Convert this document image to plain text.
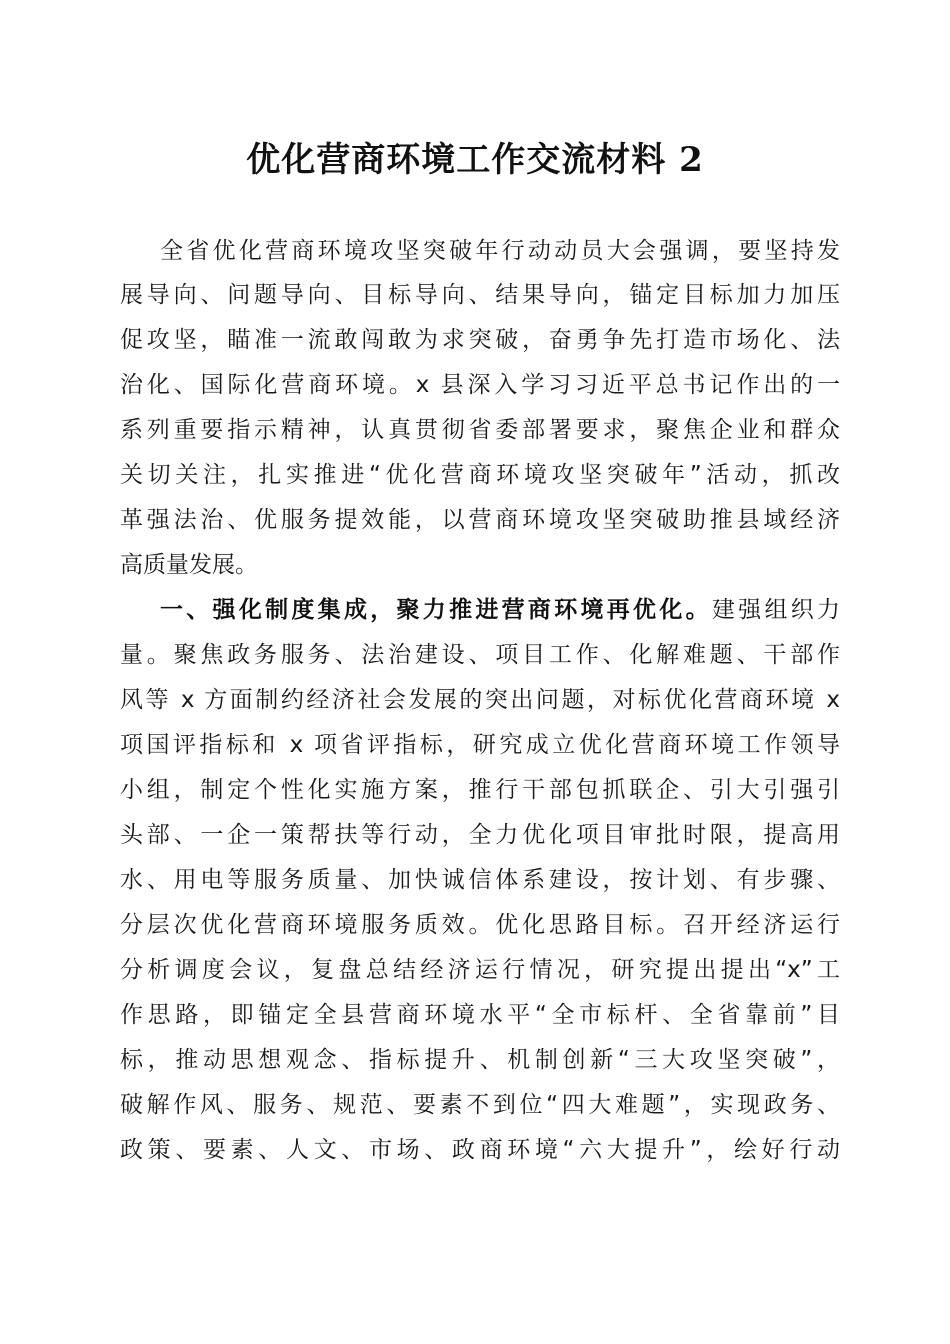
优化营商环境工作交流材料 2
全省优化营商环境攻坚突破年行动动员大会强调，要坚持发
展导向、问题导向、目标导向、结果导向，锚定目标加力加压
促攻坚，瞄准一流敢闯敢为求突破，奋勇争先打造市场化、法
治化、国际化营商环境。x 县深入学习习近平总书记作出的一
系列重要指示精神，认真贯彻省委部署要求，聚焦企业和群众
关切关注，扎实推进“优化营商环境攻坚突破年”活动，抓改
革强法治、优服务提效能，以营商环境攻坚突破助推县域经济
高质量发展。
一、强化制度集成，聚力推进营商环境再优化。建强组织力
量。聚焦政务服务、法治建设、项目工作、化解难题、干部作
风等 x 方面制约经济社会发展的突出问题，对标优化营商环境 x
项国评指标和 x 项省评指标，研究成立优化营商环境工作领导
小组，制定个性化实施方案，推行干部包抓联企、引大引强引
头部、一企一策帮扶等行动，全力优化项目审批时限，提高用
水、用电等服务质量、加快诚信体系建设，按计划、有步骤、
分层次优化营商环境服务质效。优化思路目标。召开经济运行
分析调度会议，复盘总结经济运行情况，研究提出提出“x”工
作思路，即锚定全县营商环境水平“全市标杆、全省靠前”目
标，推动思想观念、指标提升、机制创新“三大攻坚突破”，
破解作风、服务、规范、要素不到位“四大难题”，实现政务、
政策、要素、人文、市场、政商环境“六大提升”，绘好行动
